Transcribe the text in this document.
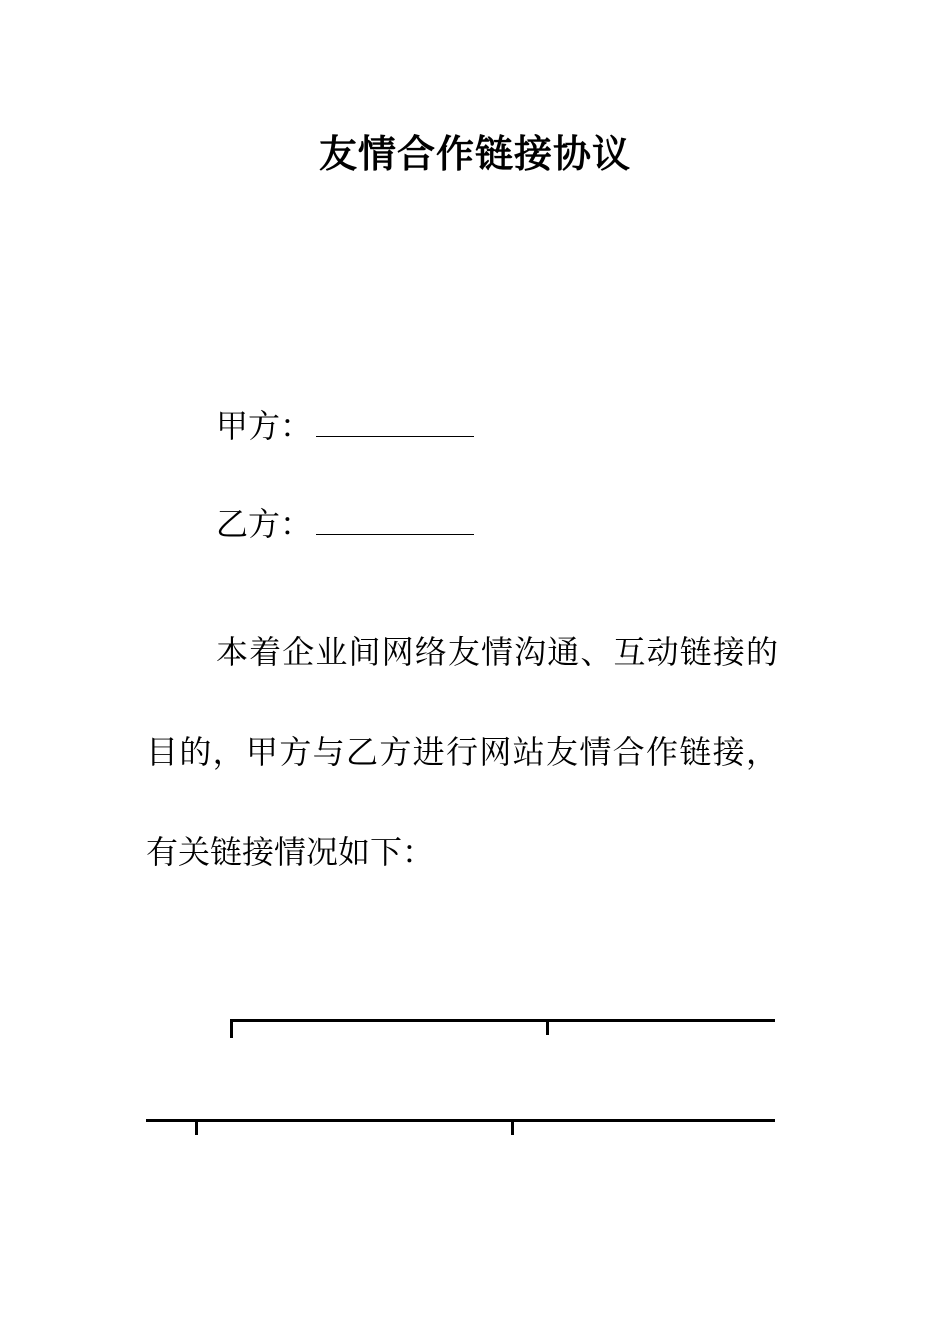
友情合作链接协议
甲方：
乙方：

本着企业间网络友情沟通、互动链接的目的，甲方与乙方进行网站友情合作链接，有关链接情况如下：
